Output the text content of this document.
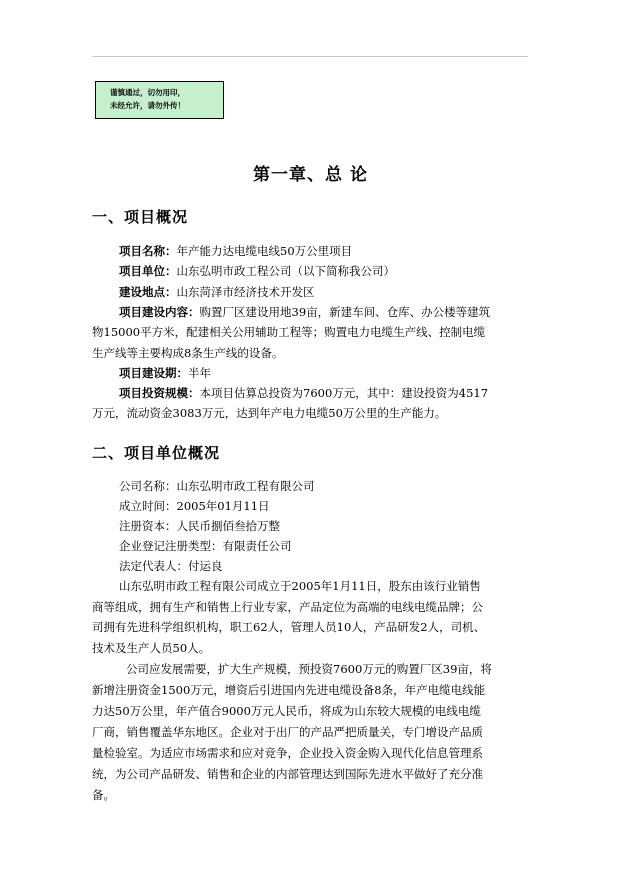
谨慎通过，切勿用印，
未经允许，请勿外传！
第一章、总 论
一、项目概况
项目名称：年产能力达电缆电线50万公里项目
项目单位：山东弘明市政工程公司（以下简称我公司）
建设地点：山东菏泽市经济技术开发区
项目建设内容：购置厂区建设用地39亩，新建车间、仓库、办公楼等建筑
物15000平方米，配建相关公用辅助工程等；购置电力电缆生产线、控制电缆
生产线等主要构成8条生产线的设备。
项目建设期：半年
项目投资规模：本项目估算总投资为7600万元，其中：建设投资为4517
万元，流动资金3083万元，达到年产电力电缆50万公里的生产能力。
二、项目单位概况
公司名称：山东弘明市政工程有限公司
成立时间：2005年01月11日
注册资本：人民币捌佰叁拾万整
企业登记注册类型：有限责任公司
法定代表人：付运良
山东弘明市政工程有限公司成立于2005年1月11日，股东由该行业销售
商等组成，拥有生产和销售上行业专家，产品定位为高端的电线电缆品牌；公
司拥有先进科学组织机构，职工62人，管理人员10人，产品研发2人，司机、
技术及生产人员50人。
公司应发展需要，扩大生产规模，预投资7600万元的购置厂区39亩，将
新增注册资金1500万元，增资后引进国内先进电缆设备8条，年产电缆电线能
力达50万公里，年产值合9000万元人民币，将成为山东较大规模的电线电缆
厂商，销售覆盖华东地区。企业对于出厂的产品严把质量关，专门增设产品质
量检验室。为适应市场需求和应对竞争，企业投入资金购入现代化信息管理系
统，为公司产品研发、销售和企业的内部管理达到国际先进水平做好了充分准
备。
